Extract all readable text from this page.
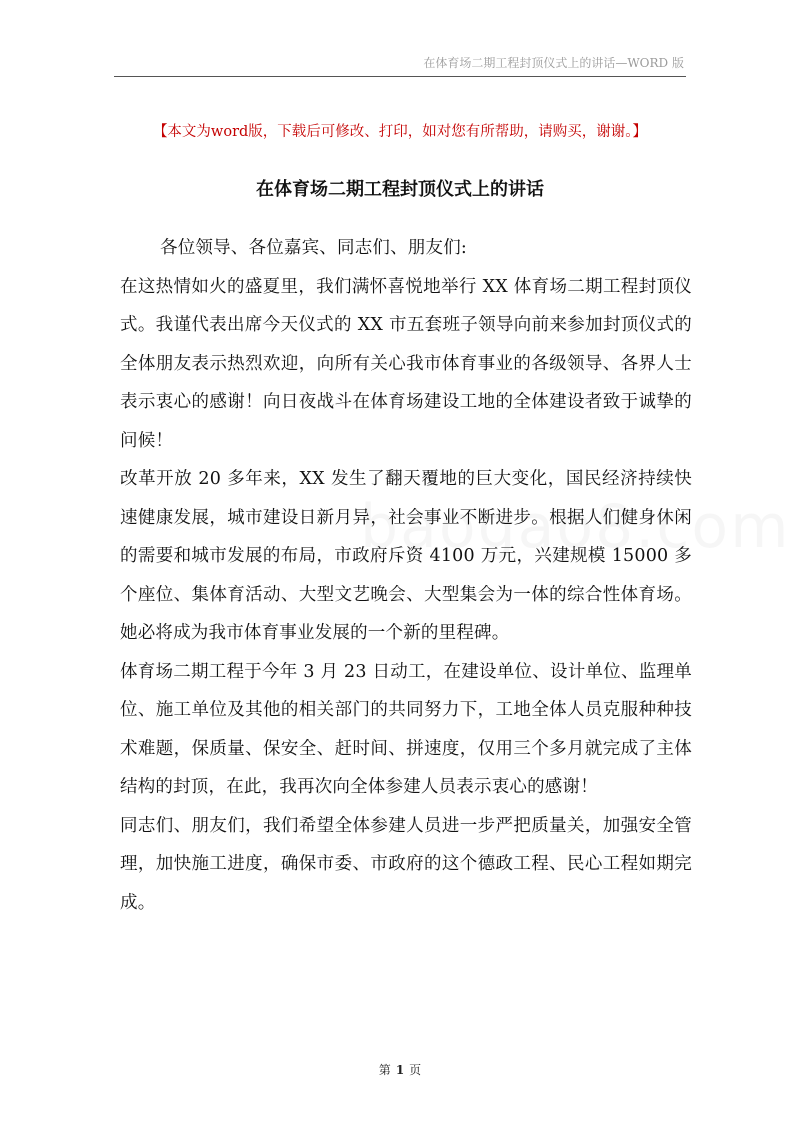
在体育场二期工程封顶仪式上的讲话—WORD 版
【本文为word版，下载后可修改、打印，如对您有所帮助，请购买，谢谢。】
在体育场二期工程封顶仪式上的讲话

各位领导、各位嘉宾、同志们、朋友们:

在这热情如火的盛夏里，我们满怀喜悦地举行 XX 体育场二期工程封顶仪式。我谨代表出席今天仪式的 XX 市五套班子领导向前来参加封顶仪式的全体朋友表示热烈欢迎，向所有关心我市体育事业的各级领导、各界人士表示衷心的感谢！向日夜战斗在体育场建设工地的全体建设者致于诚挚的问候！

改革开放 20 多年来，XX 发生了翻天覆地的巨大变化，国民经济持续快速健康发展，城市建设日新月异，社会事业不断进步。根据人们健身休闲的需要和城市发展的布局，市政府斥资 4100 万元，兴建规模 15000 多个座位、集体育活动、大型文艺晚会、大型集会为一体的综合性体育场。她必将成为我市体育事业发展的一个新的里程碑。

体育场二期工程于今年 3 月 23 日动工，在建设单位、设计单位、监理单位、施工单位及其他的相关部门的共同努力下，工地全体人员克服种种技术难题，保质量、保安全、赶时间、拼速度，仅用三个多月就完成了主体结构的封顶，在此，我再次向全体参建人员表示衷心的感谢！

同志们、朋友们，我们希望全体参建人员进一步严把质量关，加强安全管理，加快施工进度，确保市委、市政府的这个德政工程、民心工程如期完成。

第 1 页
